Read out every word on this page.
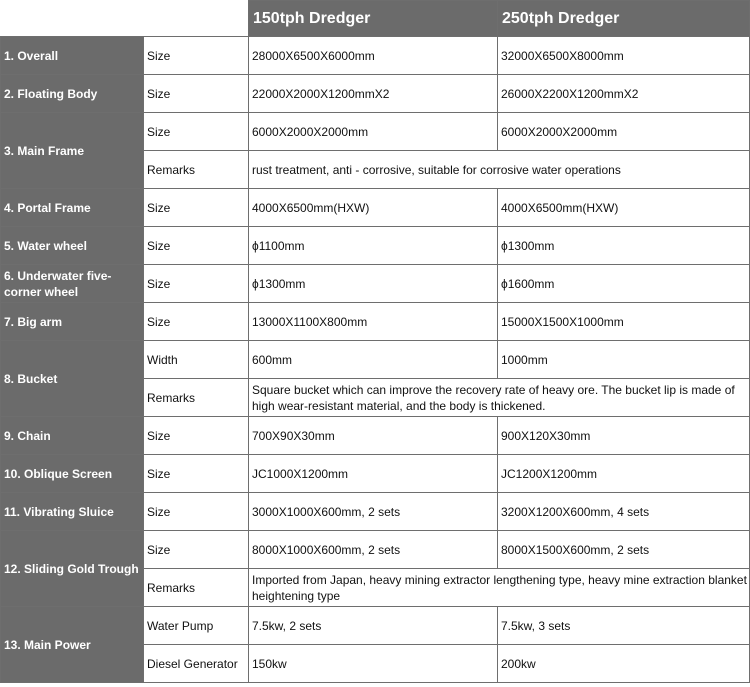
		150tph Dredger	250tph Dredger
1. Overall	Size	28000X6500X6000mm	32000X6500X8000mm
2. Floating Body	Size	22000X2000X1200mmX2	26000X2200X1200mmX2
3. Main Frame	Size	6000X2000X2000mm	6000X2000X2000mm
	Remarks	rust treatment, anti - corrosive, suitable for corrosive water operations	
4. Portal Frame	Size	4000X6500mm(HXW)	4000X6500mm(HXW)
5. Water wheel	Size	ϕ1100mm	ϕ1300mm
6. Underwater five-corner wheel	Size	ϕ1300mm	ϕ1600mm
7. Big arm	Size	13000X1100X800mm	15000X1500X1000mm
8. Bucket	Width	600mm	1000mm
	Remarks	Square bucket which can improve the recovery rate of heavy ore. The bucket lip is made of high wear-resistant material, and the body is thickened.	
9. Chain	Size	700X90X30mm	900X120X30mm
10. Oblique Screen	Size	JC1000X1200mm	JC1200X1200mm
11. Vibrating Sluice	Size	3000X1000X600mm, 2 sets	3200X1200X600mm, 4 sets
12. Sliding Gold Trough	Size	8000X1000X600mm, 2 sets	8000X1500X600mm, 2 sets
	Remarks	Imported from Japan, heavy mining extractor lengthening type, heavy mine extraction blanket heightening type	
13. Main Power	Water Pump	7.5kw, 2 sets	7.5kw, 3 sets
	Diesel Generator	150kw	200kw
